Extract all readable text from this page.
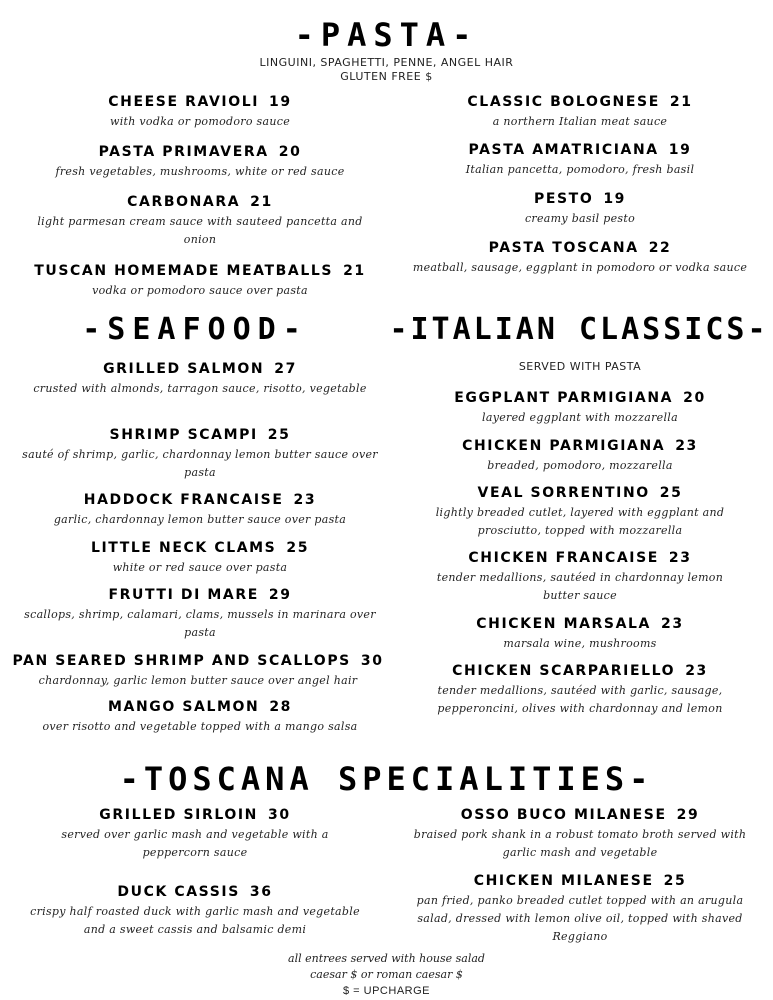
-PASTA-
LINGUINI, SPAGHETTI, PENNE, ANGEL HAIR
GLUTEN FREE $
CHEESE RAVIOLI 19
with vodka or pomodoro sauce
PASTA PRIMAVERA 20
fresh vegetables, mushrooms, white or red sauce
CARBONARA 21
light parmesan cream sauce with sauteed pancetta and onion
TUSCAN HOMEMADE MEATBALLS 21
vodka or pomodoro sauce over pasta
CLASSIC BOLOGNESE 21
a northern Italian meat sauce
PASTA AMATRICIANA 19
Italian pancetta, pomodoro, fresh basil
PESTO 19
creamy basil pesto
PASTA TOSCANA 22
meatball, sausage, eggplant in pomodoro or vodka sauce
-SEAFOOD-
GRILLED SALMON 27
crusted with almonds, tarragon sauce, risotto, vegetable
SHRIMP SCAMPI 25
sauté of shrimp, garlic, chardonnay lemon butter sauce over pasta
HADDOCK FRANCAISE 23
garlic, chardonnay lemon butter sauce over pasta
LITTLE NECK CLAMS 25
white or red sauce over pasta
FRUTTI DI MARE 29
scallops, shrimp, calamari, clams, mussels in marinara over pasta
PAN SEARED SHRIMP AND SCALLOPS 30
chardonnay, garlic lemon butter sauce over angel hair
MANGO SALMON 28
over risotto and vegetable topped with a mango salsa
-ITALIAN CLASSICS-
SERVED WITH PASTA
EGGPLANT PARMIGIANA 20
layered eggplant with mozzarella
CHICKEN PARMIGIANA 23
breaded, pomodoro, mozzarella
VEAL SORRENTINO 25
lightly breaded cutlet, layered with eggplant and prosciutto, topped with mozzarella
CHICKEN FRANCAISE 23
tender medallions, sautéed in chardonnay lemon butter sauce
CHICKEN MARSALA 23
marsala wine, mushrooms
CHICKEN SCARPARIELLO 23
tender medallions, sautéed with garlic, sausage, pepperoncini, olives with chardonnay and lemon
-TOSCANA SPECIALITIES-
GRILLED SIRLOIN 30
served over garlic mash and vegetable with a peppercorn sauce
DUCK CASSIS 36
crispy half roasted duck with garlic mash and vegetable and a sweet cassis and balsamic demi
OSSO BUCO MILANESE 29
braised pork shank in a robust tomato broth served with garlic mash and vegetable
CHICKEN MILANESE 25
pan fried, panko breaded cutlet topped with an arugula salad, dressed with lemon olive oil, topped with shaved Reggiano
all entrees served with house salad
caesar $ or roman caesar $
$ = UPCHARGE
